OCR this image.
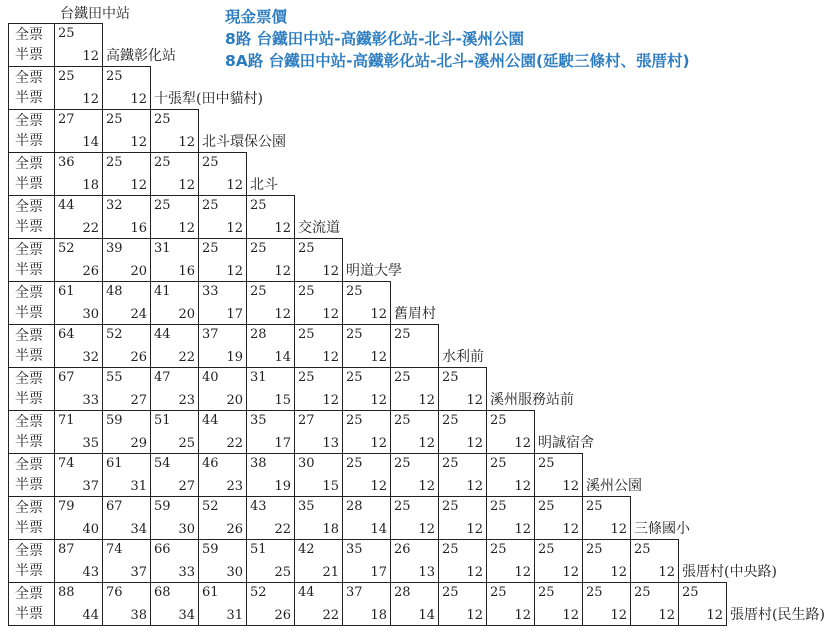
現金票價
8路 台鐵田中站-高鐵彰化站-北斗-溪州公園
8A路 台鐵田中站-高鐵彰化站-北斗-溪州公園(延駛三條村、張厝村)
台鐵田中站
全票
半票
25
12 高鐵彰化站
全票
半票
25
12
25
12 十張犁(田中貓村)
全票
半票
27
14
25
12
25
12 北斗環保公園
全票
半票
36
18
25
12
25
12
25
12 北斗
全票
半票
44
22
32
16
25
12
25
12
25
12 交流道
全票
半票
52
26
39
20
31
16
25
12
25
12
25
12 明道大學
全票
半票
61
30
48
24
41
20
33
17
25
12
25
12
25
12 舊眉村
全票
半票
64
32
52
26
44
22
37
19
28
14
25
12
25
12
25
水利前
全票
半票
67
33
55
27
47
23
40
20
31
15
25
12
25
12
25
12
25
12 溪州服務站前
全票
半票
71
35
59
29
51
25
44
22
35
17
27
13
25
12
25
12
25
12
25
12 明誠宿舍
全票
半票
74
37
61
31
54
27
46
23
38
19
30
15
25
12
25
12
25
12
25
12
25
12 溪州公園
全票
半票
79
40
67
34
59
30
52
26
43
22
35
18
28
14
25
12
25
12
25
12
25
12
25
12 三條國小
全票
半票
87
43
74
37
66
33
59
30
51
25
42
21
35
17
26
13
25
12
25
12
25
12
25
12
25
12 張厝村(中央路)
全票
半票
88
44
76
38
68
34
61
31
52
26
44
22
37
18
28
14
25
12
25
12
25
12
25
12
25
12
25
12 張厝村(民生路)
